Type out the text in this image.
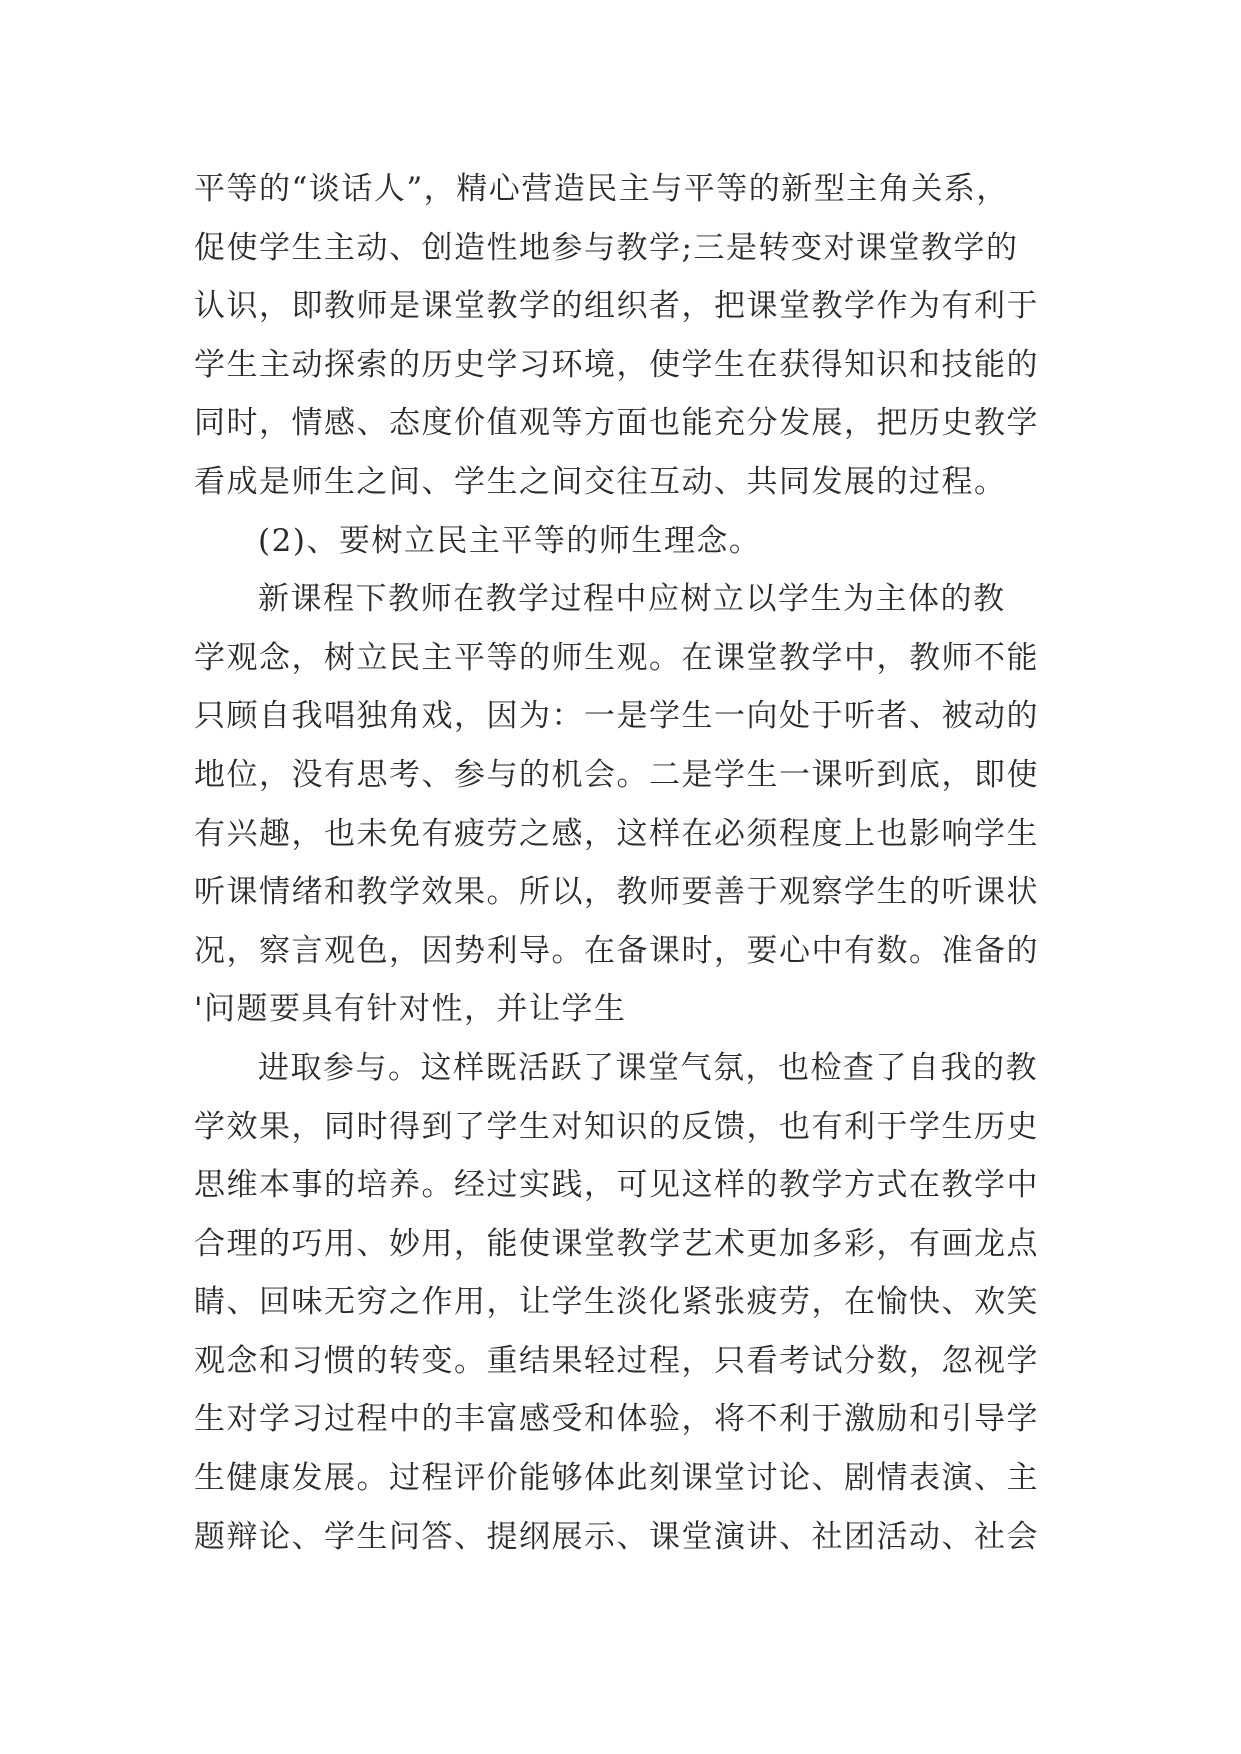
平等的“谈话人”，精心营造民主与平等的新型主角关系，
促使学生主动、创造性地参与教学;三是转变对课堂教学的
认识，即教师是课堂教学的组织者，把课堂教学作为有利于
学生主动探索的历史学习环境，使学生在获得知识和技能的
同时，情感、态度价值观等方面也能充分发展，把历史教学
看成是师生之间、学生之间交往互动、共同发展的过程。
(2)、要树立民主平等的师生理念。
新课程下教师在教学过程中应树立以学生为主体的教
学观念，树立民主平等的师生观。在课堂教学中，教师不能
只顾自我唱独角戏，因为：一是学生一向处于听者、被动的
地位，没有思考、参与的机会。二是学生一课听到底，即使
有兴趣，也未免有疲劳之感，这样在必须程度上也影响学生
听课情绪和教学效果。所以，教师要善于观察学生的听课状
况，察言观色，因势利导。在备课时，要心中有数。准备的
'问题要具有针对性，并让学生
进取参与。这样既活跃了课堂气氛，也检查了自我的教
学效果，同时得到了学生对知识的反馈，也有利于学生历史
思维本事的培养。经过实践，可见这样的教学方式在教学中
合理的巧用、妙用，能使课堂教学艺术更加多彩，有画龙点
睛、回味无穷之作用，让学生淡化紧张疲劳，在愉快、欢笑
观念和习惯的转变。重结果轻过程，只看考试分数，忽视学
生对学习过程中的丰富感受和体验，将不利于激励和引导学
生健康发展。过程评价能够体此刻课堂讨论、剧情表演、主
题辩论、学生问答、提纲展示、课堂演讲、社团活动、社会
